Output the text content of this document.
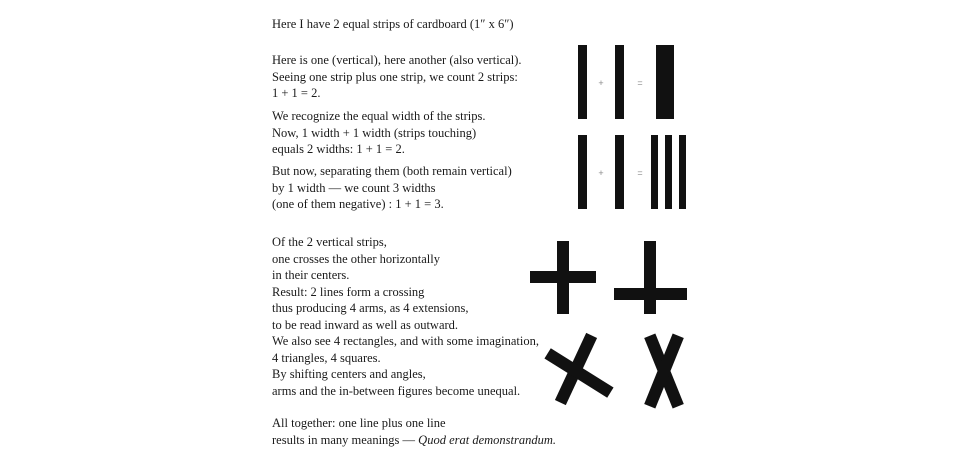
Here I have 2 equal strips of cardboard (1″ x 6″)

Here is one (vertical), here another (also vertical).
Seeing one strip plus one strip, we count 2 strips:
1 + 1 = 2.

We recognize the equal width of the strips.
Now, 1 width + 1 width (strips touching)
equals 2 widths: 1 + 1 = 2.

But now, separating them (both remain vertical)
by 1 width — we count 3 widths
(one of them negative) : 1 + 1 = 3.

Of the 2 vertical strips,
one crosses the other horizontally
in their centers.
Result: 2 lines form a crossing
thus producing 4 arms, as 4 extensions,
to be read inward as well as outward.
We also see 4 rectangles, and with some imagination,
4 triangles, 4 squares.
By shifting centers and angles,
arms and the in-between figures become unequal.

All together: one line plus one line
results in many meanings — Quod erat demonstrandum.

+	=
+	=
